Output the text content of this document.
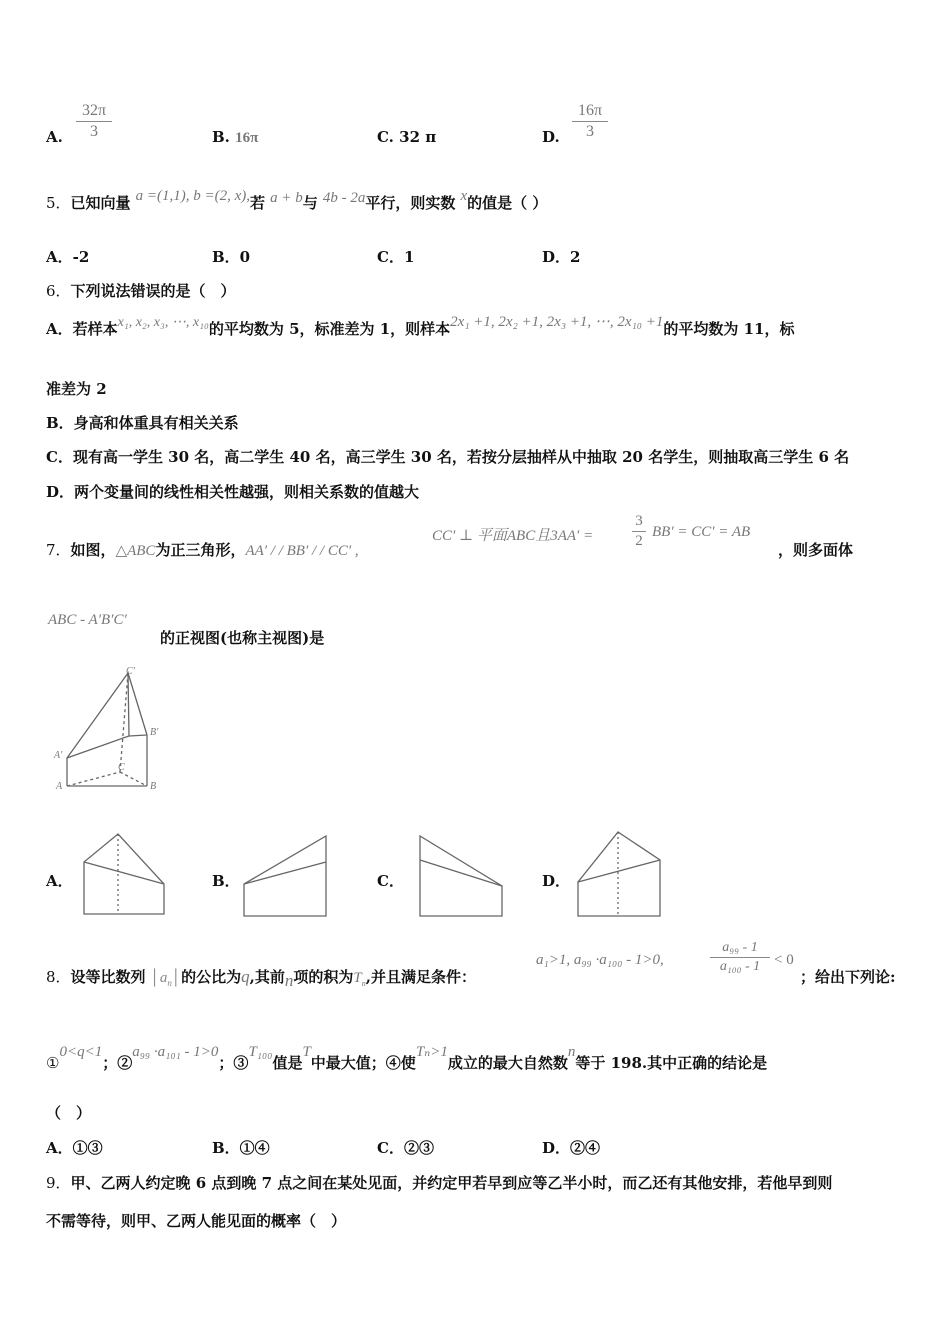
A.
32π
3	B. 16π	C. 32 π	D.
16π
3
5．已知向量 a =(1,1), b =(2, x),若 a + b与 4b - 2a平行，则实数 x的值是（ ）
A．-2	B．0	C．1	D．2
6．下列说法错误的是（　）
A．若样本x₁, x₂, x₃, ⋯, x₁₀的平均数为 5，标准差为 1，则样本2x₁ +1, 2x₂ +1, 2x₃ +1, ⋯, 2x₁₀ +1的平均数为 11，标
准差为 2
B．身高和体重具有相关关系
C．现有高一学生 30 名，高二学生 40 名，高三学生 30 名，若按分层抽样从中抽取 20 名学生，则抽取高三学生 6 名
D．两个变量间的线性相关性越强，则相关系数的值越大
7．如图，△ABC为正三角形，AA′ / / BB′ / / CC′ ,
CC′ ⊥ 平面ABC且3AA′ =
3
2
BB′ = CC′ = AB
，则多面体
ABC - A′B′C′
的正视图(也称主视图)是
C'
B'
A'
C
A	B
A．	B．	C．	D．
8．设等比数列 $│a_n│$的公比为q,其前n项的积为$T_n$,并且满足条件：
a₁>1, a₉₉ ·a₁₀₀ - 1>0,
a₉₉ - 1
a₁₀₀ - 1 < 0
；给出下列论:
①0<q<1；②a₉₉ ·a₁₀₁ - 1>0；③T₁₀₀值是T中最大值；④使Tₙ>1成立的最大自然数n等于 198.其中正确的结论是
（　）
A．①③	B．①④	C．②③	D．②④
9．甲、乙两人约定晚 6 点到晚 7 点之间在某处见面，并约定甲若早到应等乙半小时，而乙还有其他安排，若他早到则
不需等待，则甲、乙两人能见面的概率（　）
